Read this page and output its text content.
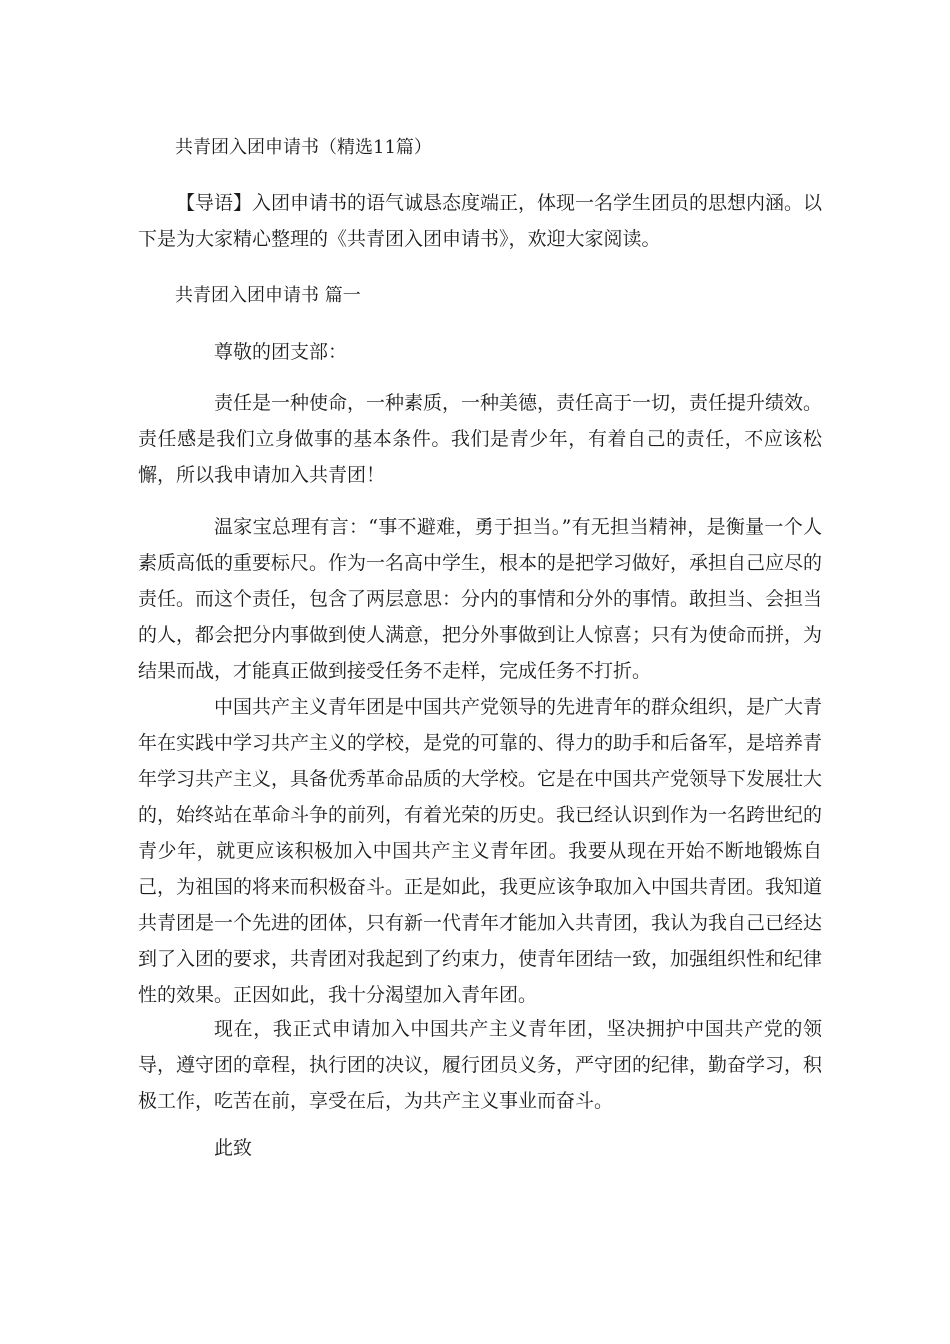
共青团入团申请书（精选11篇）

【导语】入团申请书的语气诚恳态度端正，体现一名学生团员的思想内涵。以下是为大家精心整理的《共青团入团申请书》，欢迎大家阅读。

共青团入团申请书 篇一
尊敬的团支部：

责任是一种使命，一种素质，一种美德，责任高于一切，责任提升绩效。责任感是我们立身做事的基本条件。我们是青少年，有着自己的责任，不应该松懈，所以我申请加入共青团！

温家宝总理有言：“事不避难，勇于担当。”有无担当精神，是衡量一个人素质高低的重要标尺。作为一名高中学生，根本的是把学习做好，承担自己应尽的责任。而这个责任，包含了两层意思：分内的事情和分外的事情。敢担当、会担当的人，都会把分内事做到使人满意，把分外事做到让人惊喜；只有为使命而拼，为结果而战，才能真正做到接受任务不走样，完成任务不打折。

中国共产主义青年团是中国共产党领导的先进青年的群众组织，是广大青年在实践中学习共产主义的学校，是党的可靠的、得力的助手和后备军，是培养青年学习共产主义，具备优秀革命品质的大学校。它是在中国共产党领导下发展壮大的，始终站在革命斗争的前列，有着光荣的历史。我已经认识到作为一名跨世纪的青少年，就更应该积极加入中国共产主义青年团。我要从现在开始不断地锻炼自己，为祖国的将来而积极奋斗。正是如此，我更应该争取加入中国共青团。我知道共青团是一个先进的团体，只有新一代青年才能加入共青团，我认为我自己已经达到了入团的要求，共青团对我起到了约束力，使青年团结一致，加强组织性和纪律性的效果。正因如此，我十分渴望加入青年团。

现在，我正式申请加入中国共产主义青年团，坚决拥护中国共产党的领导，遵守团的章程，执行团的决议，履行团员义务，严守团的纪律，勤奋学习，积极工作，吃苦在前，享受在后，为共产主义事业而奋斗。

此致
